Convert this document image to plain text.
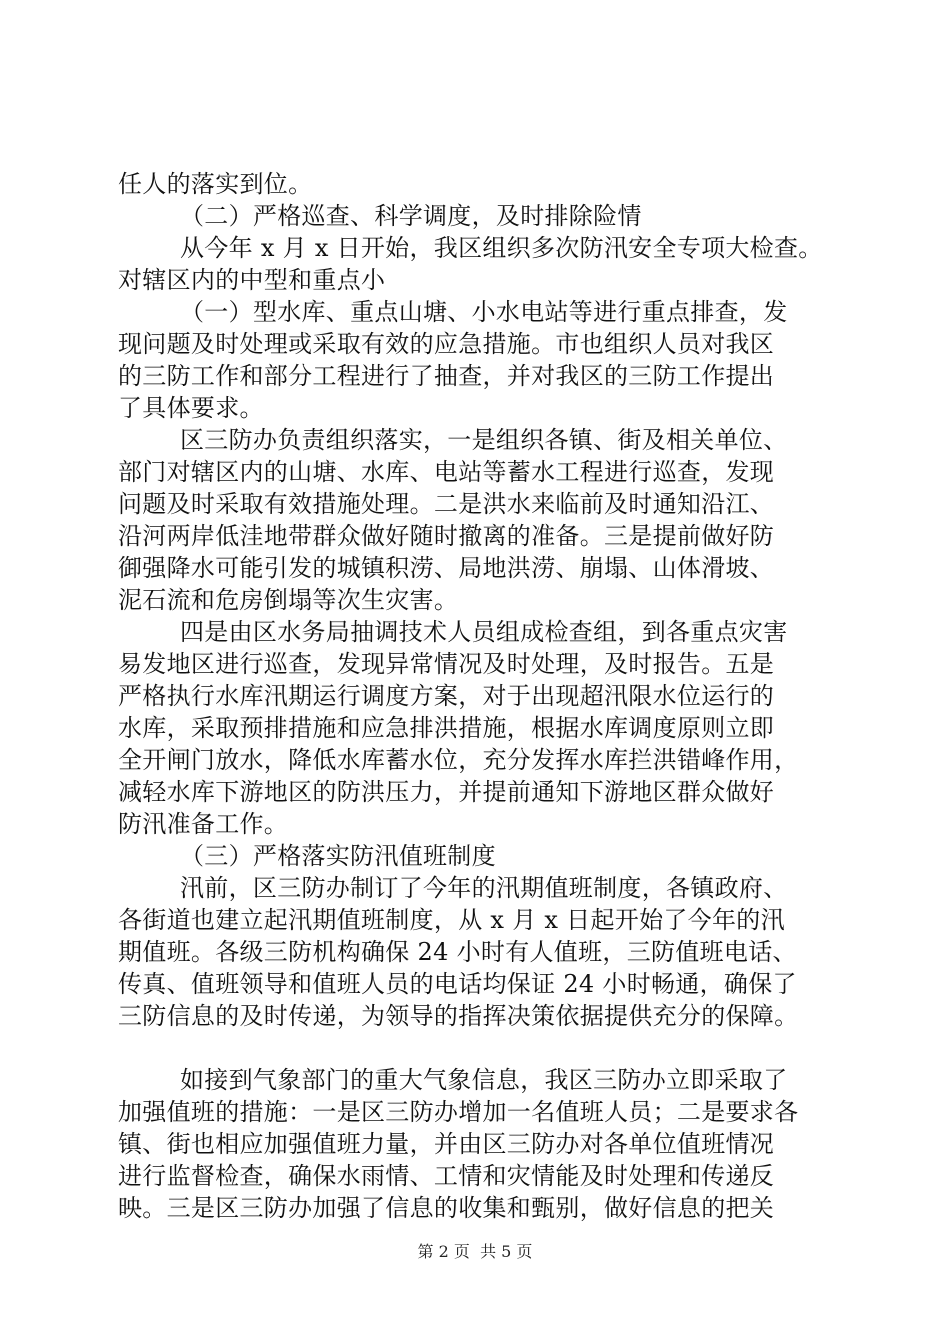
任人的落实到位。
（二）严格巡查、科学调度，及时排除险情
从今年 x 月 x 日开始，我区组织多次防汛安全专项大检查。
对辖区内的中型和重点小
（一）型水库、重点山塘、小水电站等进行重点排查，发
现问题及时处理或采取有效的应急措施。市也组织人员对我区
的三防工作和部分工程进行了抽查，并对我区的三防工作提出
了具体要求。
区三防办负责组织落实，一是组织各镇、街及相关单位、
部门对辖区内的山塘、水库、电站等蓄水工程进行巡查，发现
问题及时采取有效措施处理。二是洪水来临前及时通知沿江、
沿河两岸低洼地带群众做好随时撤离的准备。三是提前做好防
御强降水可能引发的城镇积涝、局地洪涝、崩塌、山体滑坡、
泥石流和危房倒塌等次生灾害。
四是由区水务局抽调技术人员组成检查组，到各重点灾害
易发地区进行巡查，发现异常情况及时处理，及时报告。五是
严格执行水库汛期运行调度方案，对于出现超汛限水位运行的
水库，采取预排措施和应急排洪措施，根据水库调度原则立即
全开闸门放水，降低水库蓄水位，充分发挥水库拦洪错峰作用，
减轻水库下游地区的防洪压力，并提前通知下游地区群众做好
防汛准备工作。
（三）严格落实防汛值班制度
汛前，区三防办制订了今年的汛期值班制度，各镇政府、
各街道也建立起汛期值班制度，从 x 月 x 日起开始了今年的汛
期值班。各级三防机构确保 24 小时有人值班，三防值班电话、
传真、值班领导和值班人员的电话均保证 24 小时畅通，确保了
三防信息的及时传递，为领导的指挥决策依据提供充分的保障。
如接到气象部门的重大气象信息，我区三防办立即采取了
加强值班的措施：一是区三防办增加一名值班人员；二是要求各
镇、街也相应加强值班力量，并由区三防办对各单位值班情况
进行监督检查，确保水雨情、工情和灾情能及时处理和传递反
映。三是区三防办加强了信息的收集和甄别，做好信息的把关
第 2 页  共 5 页
